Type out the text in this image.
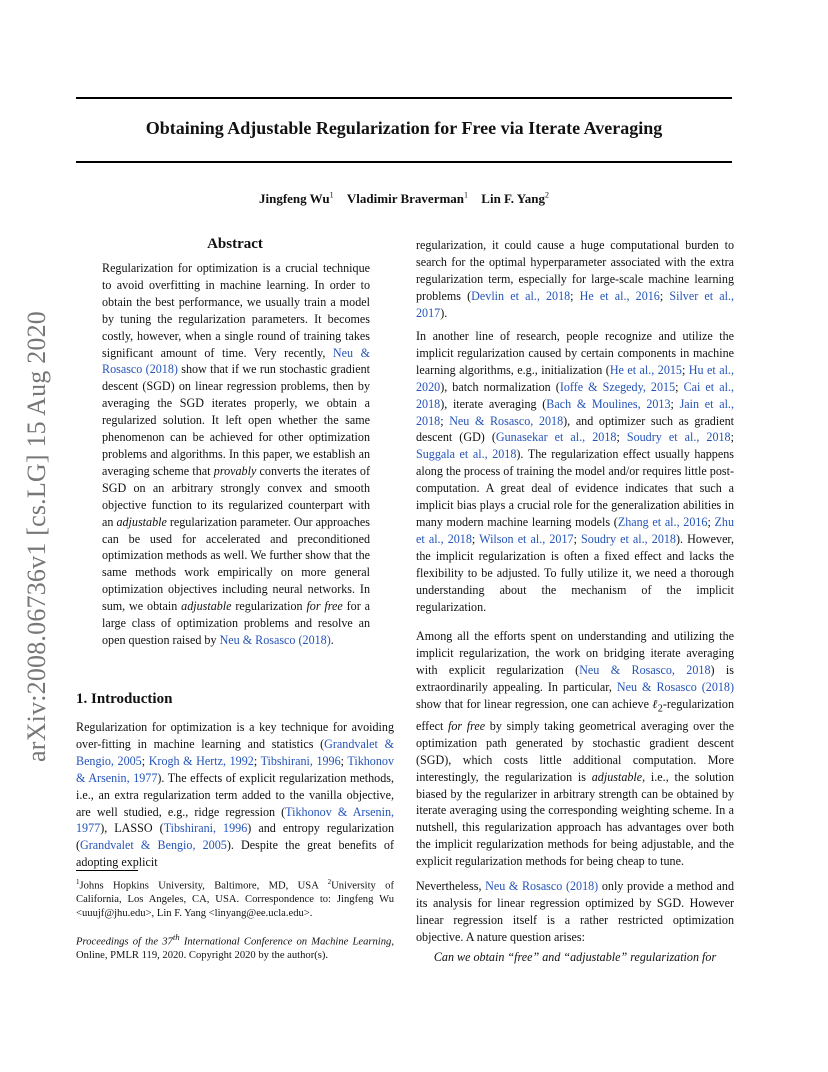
Obtaining Adjustable Regularization for Free via Iterate Averaging
Jingfeng Wu$^1$ Vladimir Braverman$^1$ Lin F. Yang$^2$
arXiv:2008.06736v1 [cs.LG] 15 Aug 2020
Abstract

Regularization for optimization is a crucial technique to avoid overfitting in machine learning. In order to obtain the best performance, we usually train a model by tuning the regularization parameters. It becomes costly, however, when a single round of training takes significant amount of time. Very recently, Neu & Rosasco (2018) show that if we run stochastic gradient descent (SGD) on linear regression problems, then by averaging the SGD iterates properly, we obtain a regularized solution. It left open whether the same phenomenon can be achieved for other optimization problems and algorithms. In this paper, we establish an averaging scheme that provably converts the iterates of SGD on an arbitrary strongly convex and smooth objective function to its regularized counterpart with an adjustable regularization parameter. Our approaches can be used for accelerated and preconditioned optimization methods as well. We further show that the same methods work empirically on more general optimization objectives including neural networks. In sum, we obtain adjustable regularization for free for a large class of optimization problems and resolve an open question raised by Neu & Rosasco (2018).

1. Introduction

Regularization for optimization is a key technique for avoiding over-fitting in machine learning and statistics (Grandvalet & Bengio, 2005; Krogh & Hertz, 1992; Tibshirani, 1996; Tikhonov & Arsenin, 1977). The effects of explicit regularization methods, i.e., an extra regularization term added to the vanilla objective, are well studied, e.g., ridge regression (Tikhonov & Arsenin, 1977), LASSO (Tibshirani, 1996) and entropy regularization (Grandvalet & Bengio, 2005). Despite the great benefits of adopting explicit

$^1$Johns Hopkins University, Baltimore, MD, USA $^2$University of California, Los Angeles, CA, USA. Correspondence to: Jingfeng Wu <uuujf@jhu.edu>, Lin F. Yang <linyang@ee.ucla.edu>.

Proceedings of the 37th International Conference on Machine Learning, Online, PMLR 119, 2020. Copyright 2020 by the author(s).

regularization, it could cause a huge computational burden to search for the optimal hyperparameter associated with the extra regularization term, especially for large-scale machine learning problems (Devlin et al., 2018; He et al., 2016; Silver et al., 2017).

In another line of research, people recognize and utilize the implicit regularization caused by certain components in machine learning algorithms, e.g., initialization (He et al., 2015; Hu et al., 2020), batch normalization (Ioffe & Szegedy, 2015; Cai et al., 2018), iterate averaging (Bach & Moulines, 2013; Jain et al., 2018; Neu & Rosasco, 2018), and optimizer such as gradient descent (GD) (Gunasekar et al., 2018; Soudry et al., 2018; Suggala et al., 2018). The regularization effect usually happens along the process of training the model and/or requires little post-computation. A great deal of evidence indicates that such a implicit bias plays a crucial role for the generalization abilities in many modern machine learning models (Zhang et al., 2016; Zhu et al., 2018; Wilson et al., 2017; Soudry et al., 2018). However, the implicit regularization is often a fixed effect and lacks the flexibility to be adjusted. To fully utilize it, we need a thorough understanding about the mechanism of the implicit regularization.

Among all the efforts spent on understanding and utilizing the implicit regularization, the work on bridging iterate averaging with explicit regularization (Neu & Rosasco, 2018) is extraordinarily appealing. In particular, Neu & Rosasco (2018) show that for linear regression, one can achieve ℓ$_2$-regularization effect for free by simply taking geometrical averaging over the optimization path generated by stochastic gradient descent (SGD), which costs little additional computation. More interestingly, the regularization is adjustable, i.e., the solution biased by the regularizer in arbitrary strength can be obtained by iterate averaging using the corresponding weighting scheme. In a nutshell, this regularization approach has advantages over both the implicit regularization methods for being adjustable, and the explicit regularization methods for being cheap to tune.

Nevertheless, Neu & Rosasco (2018) only provide a method and its analysis for linear regression optimized by SGD. However linear regression itself is a rather restricted optimization objective. A nature question arises:

Can we obtain “free” and “adjustable” regularization for
